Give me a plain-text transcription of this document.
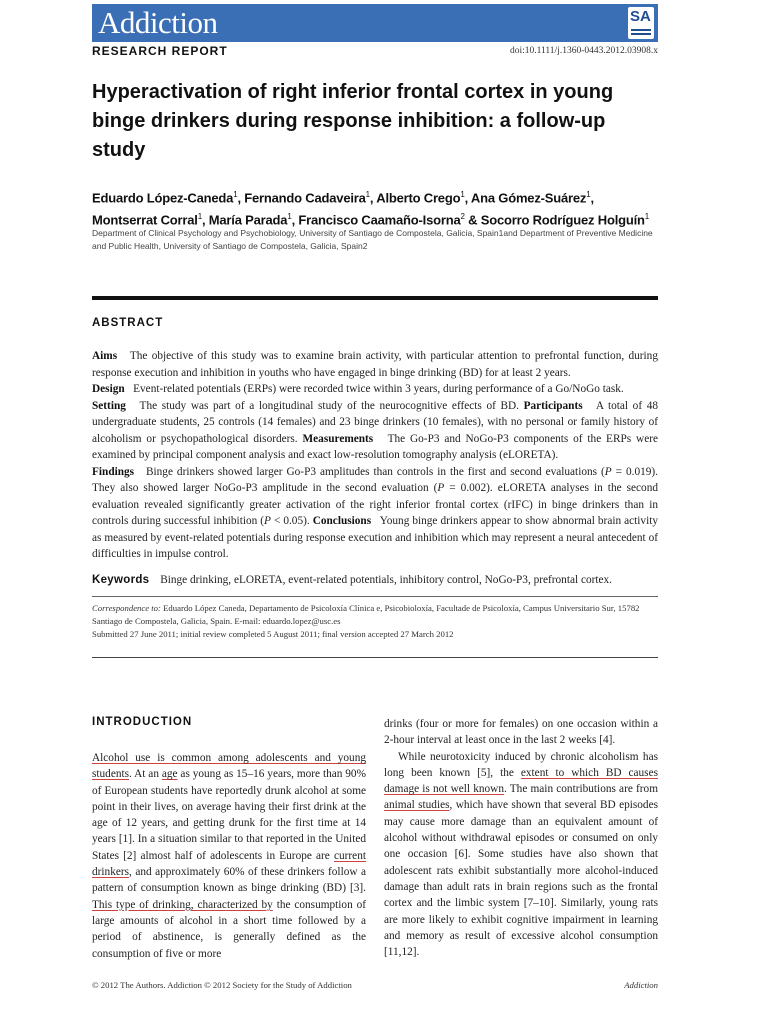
Addiction	SA
RESEARCH REPORT	doi:10.1111/j.1360-0443.2012.03908.x
Hyperactivation of right inferior frontal cortex in young binge drinkers during response inhibition: a follow-up study
Eduardo López-Caneda$^1$, Fernando Cadaveira$^1$, Alberto Crego$^1$, Ana Gómez-Suárez$^1$,
Montserrat Corral$^1$, María Parada$^1$, Francisco Caamaño-Isorna$^2$ & Socorro Rodríguez Holguín$^1$
Department of Clinical Psychology and Psychobiology, University of Santiago de Compostela, Galicia, Spain1and Department of Preventive Medicine and Public Health, University of Santiago de Compostela, Galicia, Spain2
ABSTRACT
Aims The objective of this study was to examine brain activity, with particular attention to prefrontal function, during response execution and inhibition in youths who have engaged in binge drinking (BD) for at least 2 years.
Design Event-related potentials (ERPs) were recorded twice within 3 years, during performance of a Go/NoGo task.
Setting The study was part of a longitudinal study of the neurocognitive effects of BD. Participants A total of 48 undergraduate students, 25 controls (14 females) and 23 binge drinkers (10 females), with no personal or family history of alcoholism or psychopathological disorders. Measurements The Go-P3 and NoGo-P3 components of the ERPs were examined by principal component analysis and exact low-resolution tomography analysis (eLORETA).
Findings Binge drinkers showed larger Go-P3 amplitudes than controls in the first and second evaluations (P = 0.019). They also showed larger NoGo-P3 amplitude in the second evaluation (P = 0.002). eLORETA analyses in the second evaluation revealed significantly greater activation of the right inferior frontal cortex (rIFC) in binge drinkers than in controls during successful inhibition (P < 0.05). Conclusions Young binge drinkers appear to show abnormal brain activity as measured by event-related potentials during response execution and inhibition which may represent a neural antecedent of difficulties in impulse control.
Keywords Binge drinking, eLORETA, event-related potentials, inhibitory control, NoGo-P3, prefrontal cortex.
Correspondence to: Eduardo López Caneda, Departamento de Psicoloxía Clínica e, Psicobioloxía, Facultade de Psicoloxía, Campus Universitario Sur, 15782 Santiago de Compostela, Galicia, Spain. E-mail: eduardo.lopez@usc.es
Submitted 27 June 2011; initial review completed 5 August 2011; final version accepted 27 March 2012
INTRODUCTION
Alcohol use is common among adolescents and young students. At an age as young as 15–16 years, more than 90% of European students have reportedly drunk alcohol at some point in their lives, on average having their first drink at the age of 12 years, and getting drunk for the first time at 14 years [1]. In a situation similar to that reported in the United States [2] almost half of adolescents in Europe are current drinkers, and approximately 60% of these drinkers follow a pattern of consumption known as binge drinking (BD) [3]. This type of drinking, characterized by the consumption of large amounts of alcohol in a short time followed by a period of abstinence, is generally defined as the consumption of five or more
drinks (four or more for females) on one occasion within a 2-hour interval at least once in the last 2 weeks [4].
While neurotoxicity induced by chronic alcoholism has long been known [5], the extent to which BD causes damage is not well known. The main contributions are from animal studies, which have shown that several BD episodes may cause more damage than an equivalent amount of alcohol without withdrawal episodes or consumed on only one occasion [6]. Some studies have also shown that adolescent rats exhibit substantially more alcohol-induced damage than adult rats in brain regions such as the frontal cortex and the limbic system [7–10]. Similarly, young rats are more likely to exhibit cognitive impairment in learning and memory as result of excessive alcohol consumption [11,12].
© 2012 The Authors. Addiction © 2012 Society for the Study of Addiction	Addiction
